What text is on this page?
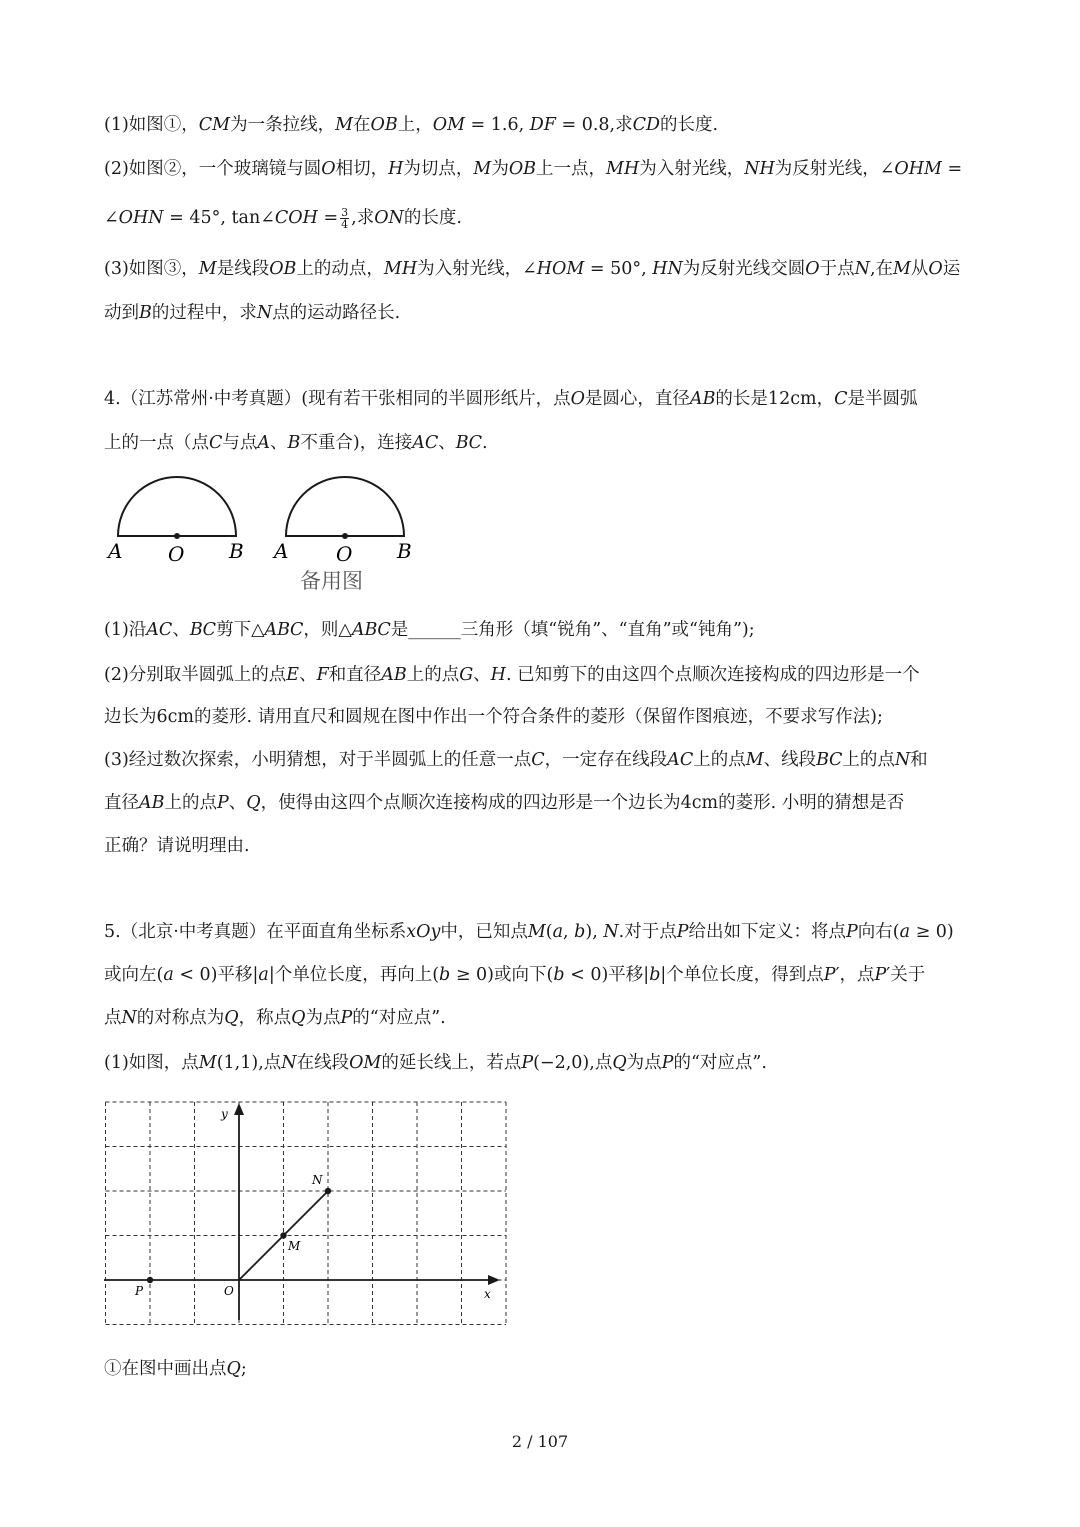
(1)如图①，𝐶𝑀为一条拉线，𝑀在𝑂𝐵上，𝑂𝑀 = 1.6, 𝐷𝐹 = 0.8,求𝐶𝐷的长度.
(2)如图②，一个玻璃镜与圆𝑂相切，𝐻为切点，𝑀为𝑂𝐵上一点，𝑀𝐻为入射光线，𝑁𝐻为反射光线，∠𝑂𝐻𝑀 =
∠𝑂𝐻𝑁 = 45°, tan∠𝐶𝑂𝐻 = $\frac{3}{4}$ ,求𝑂𝑁的长度.
(3)如图③，𝑀是线段𝑂𝐵上的动点，𝑀𝐻为入射光线，∠𝐻𝑂𝑀 = 50°, 𝐻𝑁为反射光线交圆𝑂于点𝑁,在𝑀从𝑂运
动到𝐵的过程中，求𝑁点的运动路径长.
4.（江苏常州·中考真题）(现有若干张相同的半圆形纸片，点𝑂是圆心，直径𝐴𝐵的长是12cm，𝐶是半圆弧
上的一点（点𝐶与点𝐴、𝐵不重合)，连接𝐴𝐶、𝐵𝐶.
A O B A O B
备用图
(1)沿𝐴𝐶、𝐵𝐶剪下△𝐴𝐵𝐶，则△𝐴𝐵𝐶是______三角形（填“锐角”、“直角”或“钝角”);
(2)分别取半圆弧上的点𝐸、𝐹和直径𝐴𝐵上的点𝐺、𝐻. 已知剪下的由这四个点顺次连接构成的四边形是一个
边长为6cm的菱形. 请用直尺和圆规在图中作出一个符合条件的菱形（保留作图痕迹，不要求写作法);
(3)经过数次探索，小明猜想，对于半圆弧上的任意一点𝐶，一定存在线段𝐴𝐶上的点𝑀、线段𝐵𝐶上的点𝑁和
直径𝐴𝐵上的点𝑃、𝑄，使得由这四个点顺次连接构成的四边形是一个边长为4cm的菱形. 小明的猜想是否
正确？请说明理由.
5.（北京·中考真题）在平面直角坐标系𝑥𝑂𝑦中，已知点𝑀(𝑎, 𝑏), 𝑁.对于点𝑃给出如下定义：将点𝑃向右(𝑎 ≥ 0)
或向左(𝑎 < 0)平移|𝑎|个单位长度，再向上(𝑏 ≥ 0)或向下(𝑏 < 0)平移|𝑏|个单位长度，得到点𝑃′，点𝑃′关于
点𝑁的对称点为𝑄，称点𝑄为点𝑃的“对应点”.
(1)如图，点𝑀(1,1),点𝑁在线段𝑂𝑀的延长线上，若点𝑃(−2,0),点𝑄为点𝑃的“对应点”.
y
x
O
P
M
N
①在图中画出点𝑄;
2 / 107
